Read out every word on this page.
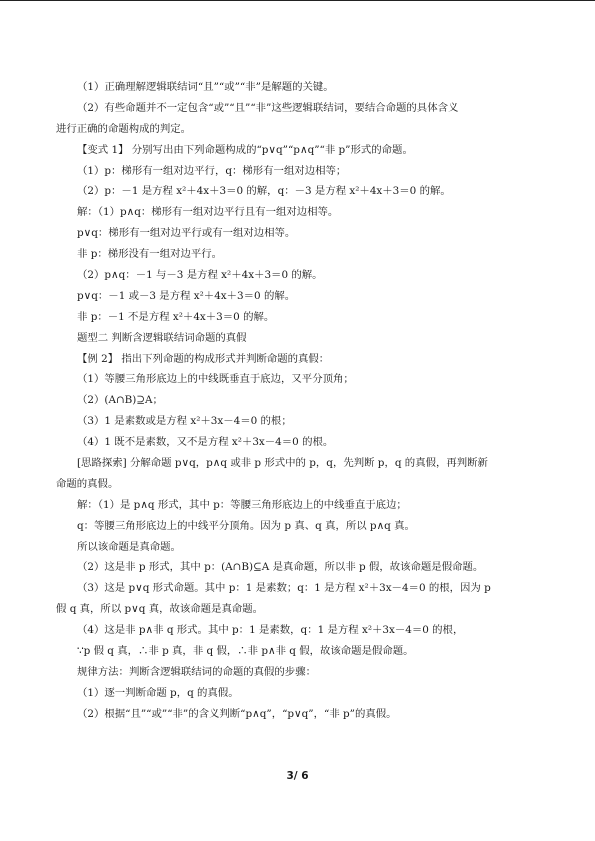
（1）正确理解逻辑联结词“且”“或”“非”是解题的关键。
（2）有些命题并不一定包含“或”“且”“非”这些逻辑联结词，要结合命题的具体含义
进行正确的命题构成的判定。
【变式 1】 分别写出由下列命题构成的“p∨q”“p∧q”“非 p”形式的命题。
（1）p：梯形有一组对边平行，q：梯形有一组对边相等；
（2）p：－1 是方程 x²＋4x＋3＝0 的解，q：－3 是方程 x²＋4x＋3＝0 的解。
解：（1）p∧q：梯形有一组对边平行且有一组对边相等。
p∨q：梯形有一组对边平行或有一组对边相等。
非 p：梯形没有一组对边平行。
（2）p∧q：－1 与－3 是方程 x²＋4x＋3＝0 的解。
p∨q：－1 或－3 是方程 x²＋4x＋3＝0 的解。
非 p：－1 不是方程 x²＋4x＋3＝0 的解。
题型二 判断含逻辑联结词命题的真假
【例 2】 指出下列命题的构成形式并判断命题的真假：
（1）等腰三角形底边上的中线既垂直于底边，又平分顶角；
（2）(A∩B)⊇A；
（3）1 是素数或是方程 x²＋3x－4＝0 的根；
（4）1 既不是素数，又不是方程 x²＋3x－4＝0 的根。
[思路探索] 分解命题 p∨q，p∧q 或非 p 形式中的 p，q，先判断 p，q 的真假，再判断新
命题的真假。
解：（1）是 p∧q 形式，其中 p：等腰三角形底边上的中线垂直于底边；
q：等腰三角形底边上的中线平分顶角。因为 p 真、q 真，所以 p∧q 真。
所以该命题是真命题。
（2）这是非 p 形式，其中 p：(A∩B)⊆A 是真命题，所以非 p 假，故该命题是假命题。
（3）这是 p∨q 形式命题。其中 p：1 是素数；q：1 是方程 x²＋3x－4＝0 的根，因为 p
假 q 真，所以 p∨q 真，故该命题是真命题。
（4）这是非 p∧非 q 形式。其中 p：1 是素数，q：1 是方程 x²＋3x－4＝0 的根，
∵p 假 q 真，∴非 p 真，非 q 假，∴非 p∧非 q 假，故该命题是假命题。
规律方法：判断含逻辑联结词的命题的真假的步骤：
（1）逐一判断命题 p，q 的真假。
（2）根据“且”“或”“非”的含义判断“p∧q”，“p∨q”，“非 p”的真假。
3/ 6
